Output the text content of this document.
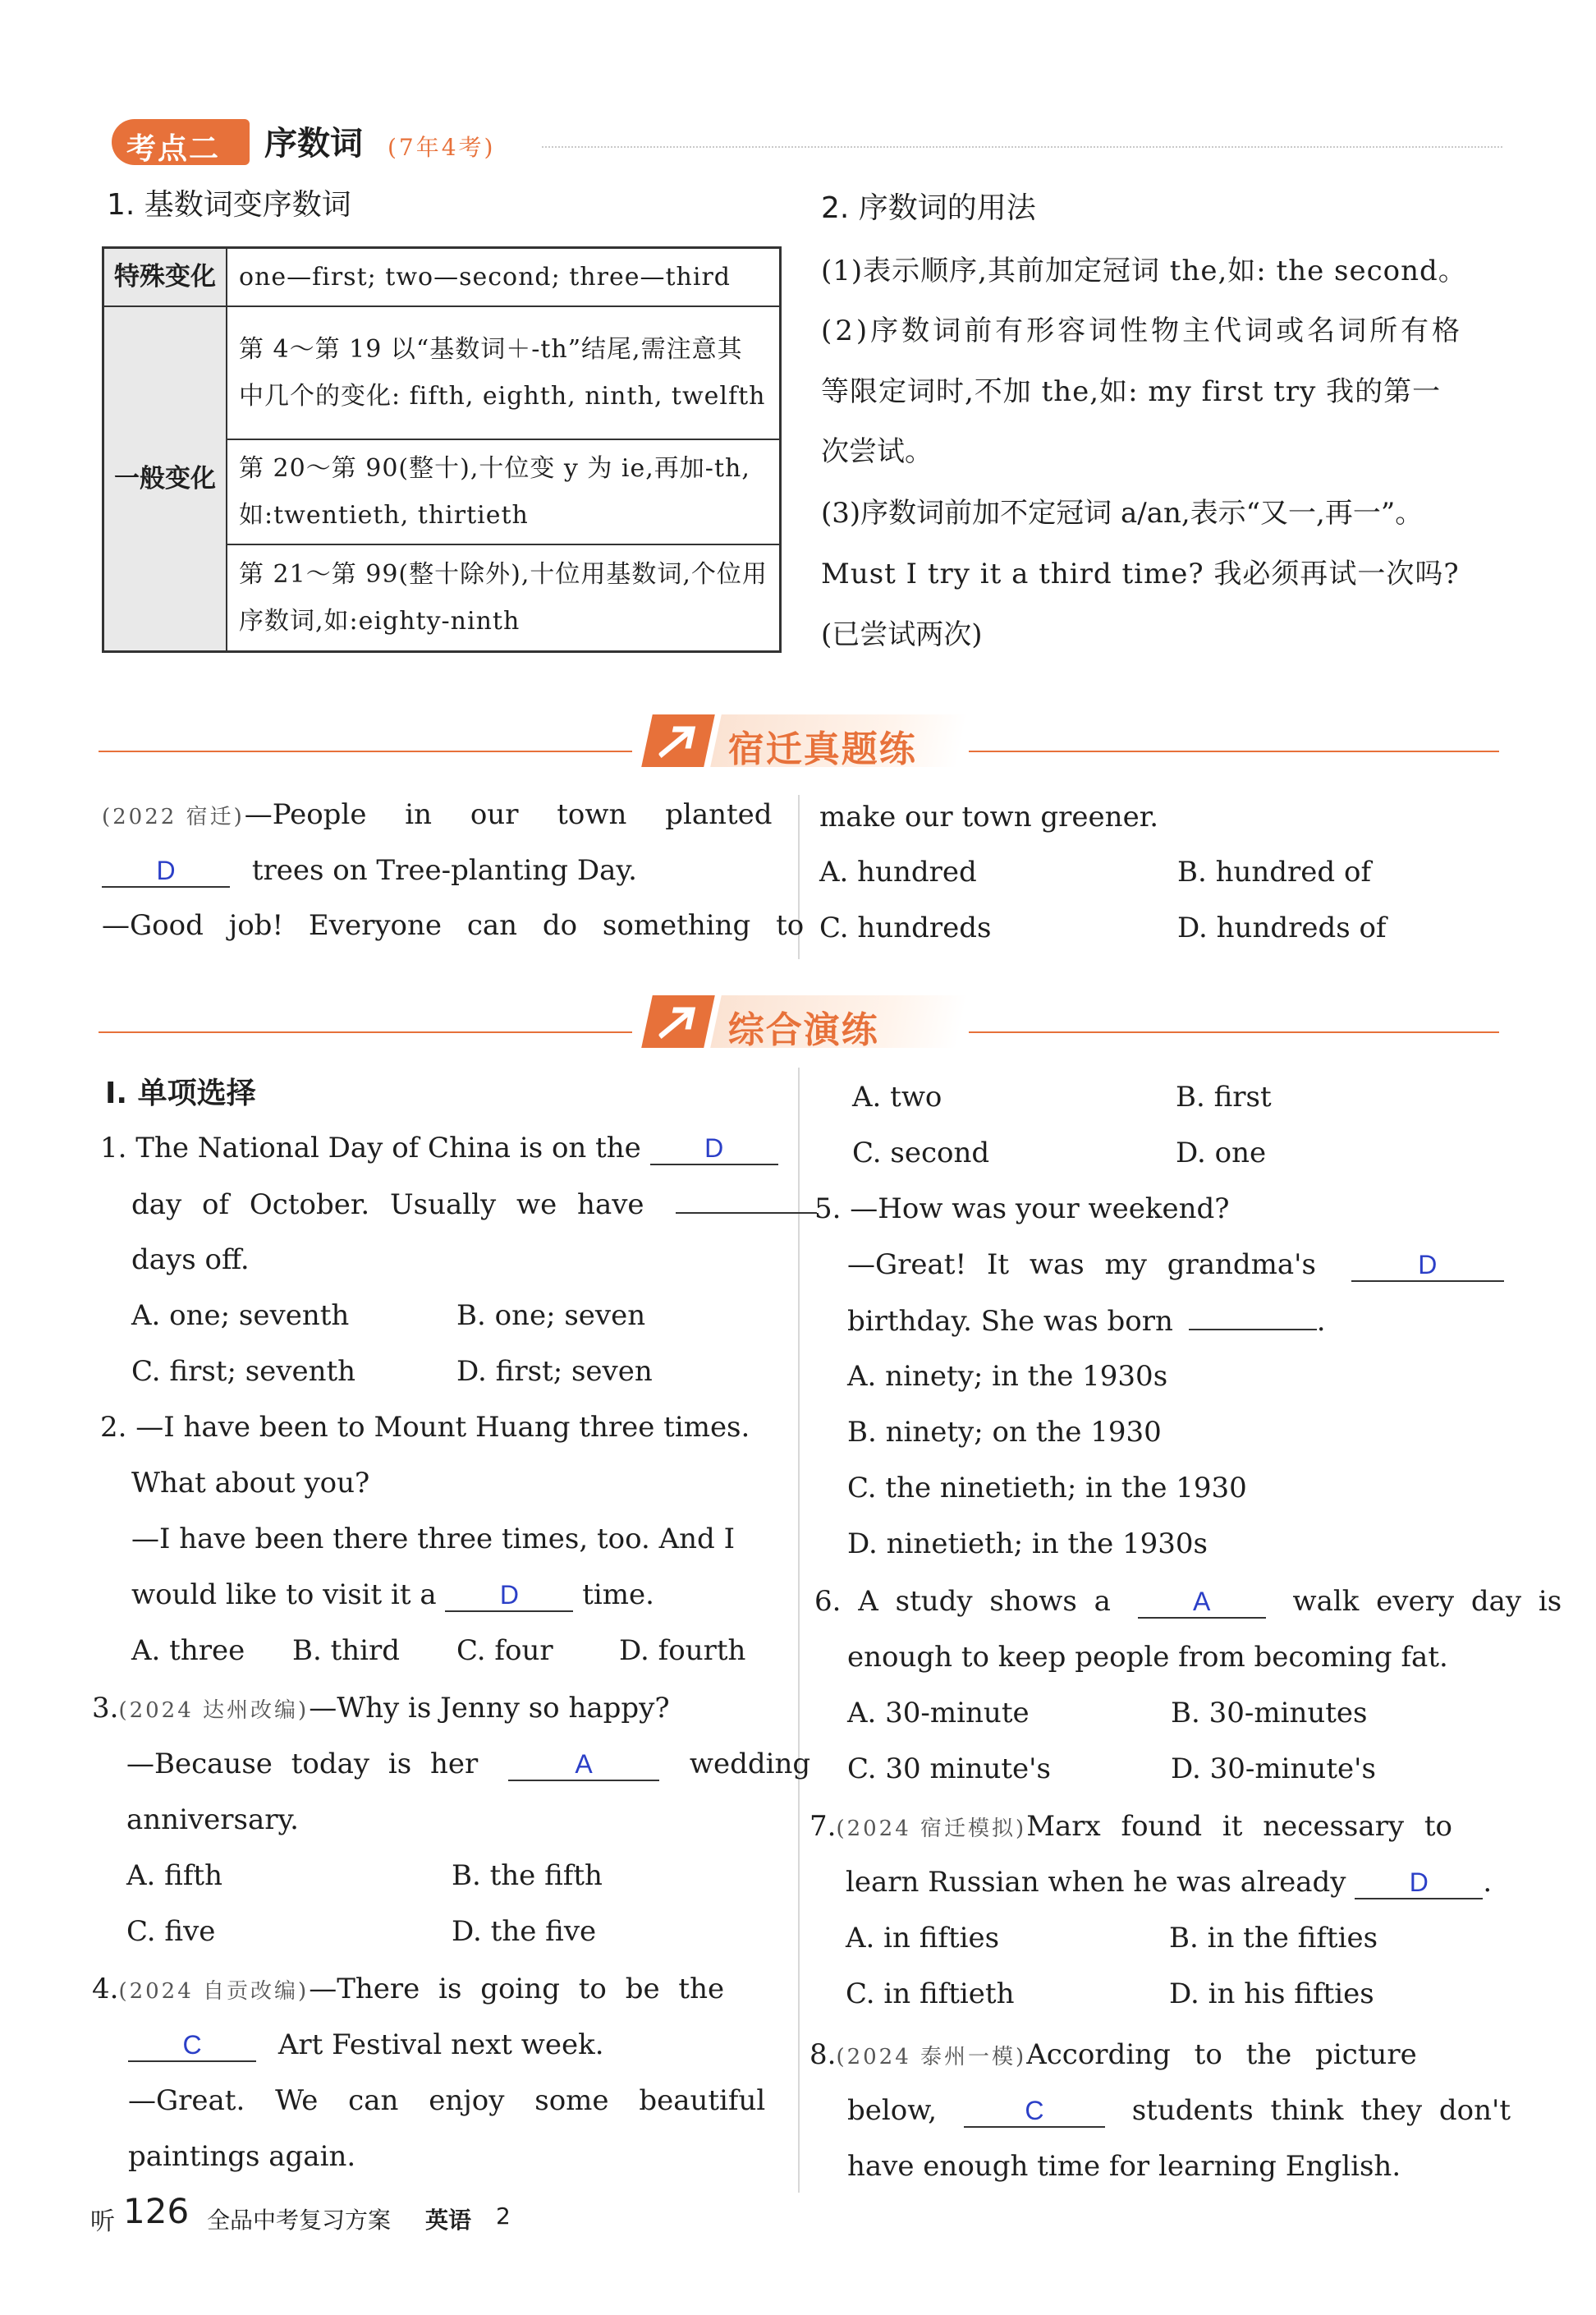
考点二 序数词 (7年4考)
1. 基数词变序数词
特殊变化	one—first; two—second; three—third
一般变化	第 4～第 19 以“基数词＋-th”结尾,需注意其中几个的变化: fifth, eighth, ninth, twelfth
	第 20～第 90(整十),十位变 y 为 ie,再加-th,如:twentieth, thirtieth
	第 21～第 99(整十除外),十位用基数词,个位用序数词,如:eighty-ninth
2. 序数词的用法
(1)表示顺序,其前加定冠词 the,如: the second。
(2)序数词前有形容词性物主代词或名词所有格
等限定词时,不加 the,如: my first try 我的第一
次尝试。
(3)序数词前加不定冠词 a/an,表示“又一,再一”。
Must I try it a third time? 我必须再试一次吗?
(已尝试两次)
宿迁真题练
(2022 宿迁)—People in our town planted
D	trees on Tree-planting Day.
—Good job! Everyone can do something to
make our town greener.
A. hundred	B. hundred of
C. hundreds	D. hundreds of
综合演练
Ⅰ. 单项选择
1. The National Day of China is on the D
day of October. Usually we have
days off.
A. one; seventh	B. one; seven
C. first; seventh	D. first; seven
2. —I have been to Mount Huang three times.
What about you?
—I have been there three times, too. And I
would like to visit it a D time.
A. three B. third C. four D. fourth
3.(2024 达州改编)—Why is Jenny so happy?
—Because today is her	A	wedding
anniversary.
A. fifth	B. the fifth
C. five	D. the five
4.(2024 自贡改编)—There is going to be the
C	Art Festival next week.
—Great. We can enjoy some beautiful
paintings again.
A. two	B. first
C. second	D. one
5. —How was your weekend?
—Great! It was my grandma's	D
birthday. She was born	.
A. ninety; in the 1930s
B. ninety; on the 1930
C. the ninetieth; in the 1930
D. ninetieth; in the 1930s
6. A study shows a	A	walk every day is
enough to keep people from becoming fat.
A. 30-minute	B. 30-minutes
C. 30 minute's	D. 30-minute's
7.(2024 宿迁模拟)Marx found it necessary to
learn Russian when he was already D .
A. in fifties	B. in the fifties
C. in fiftieth	D. in his fifties
8.(2024 泰州一模)According to the picture
below,	C	students think they don't
have enough time for learning English.
听 126 全品中考复习方案 英语 2
